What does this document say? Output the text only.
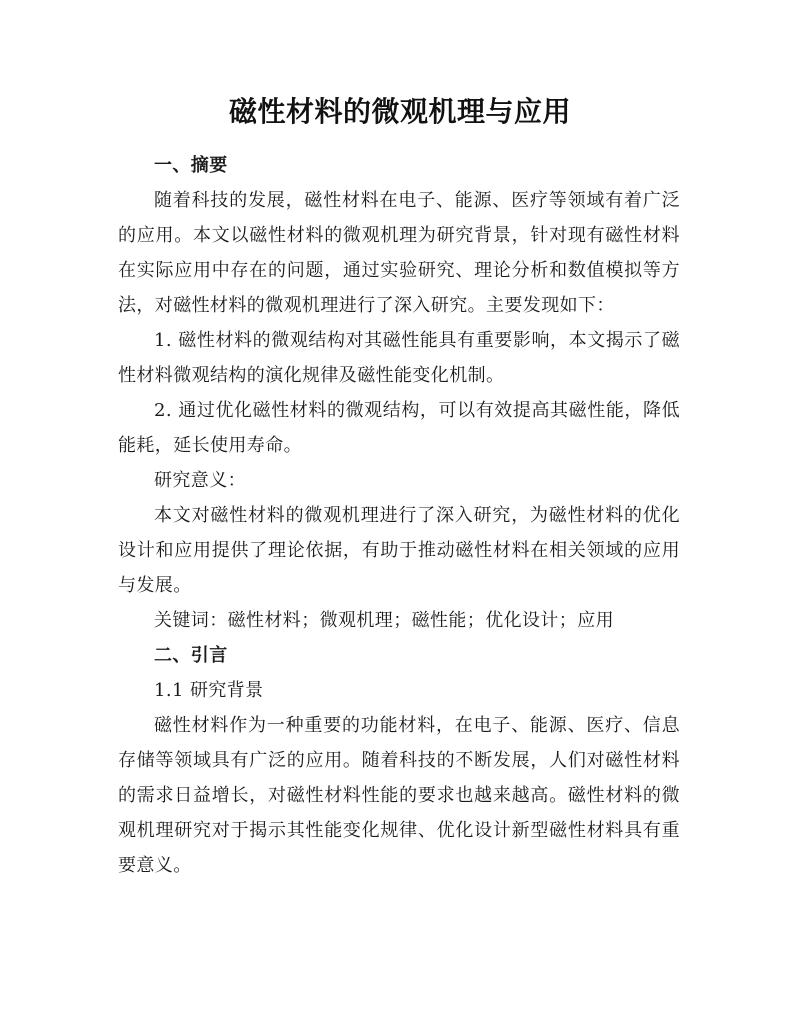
磁性材料的微观机理与应用

一、摘要

随着科技的发展，磁性材料在电子、能源、医疗等领域有着广泛的应用。本文以磁性材料的微观机理为研究背景，针对现有磁性材料在实际应用中存在的问题，通过实验研究、理论分析和数值模拟等方法，对磁性材料的微观机理进行了深入研究。主要发现如下：

1. 磁性材料的微观结构对其磁性能具有重要影响，本文揭示了磁性材料微观结构的演化规律及磁性能变化机制。

2. 通过优化磁性材料的微观结构，可以有效提高其磁性能，降低能耗，延长使用寿命。

研究意义：

本文对磁性材料的微观机理进行了深入研究，为磁性材料的优化设计和应用提供了理论依据，有助于推动磁性材料在相关领域的应用与发展。

关键词：磁性材料；微观机理；磁性能；优化设计；应用

二、引言

1.1 研究背景

磁性材料作为一种重要的功能材料，在电子、能源、医疗、信息存储等领域具有广泛的应用。随着科技的不断发展，人们对磁性材料的需求日益增长，对磁性材料性能的要求也越来越高。磁性材料的微观机理研究对于揭示其性能变化规律、优化设计新型磁性材料具有重要意义。
